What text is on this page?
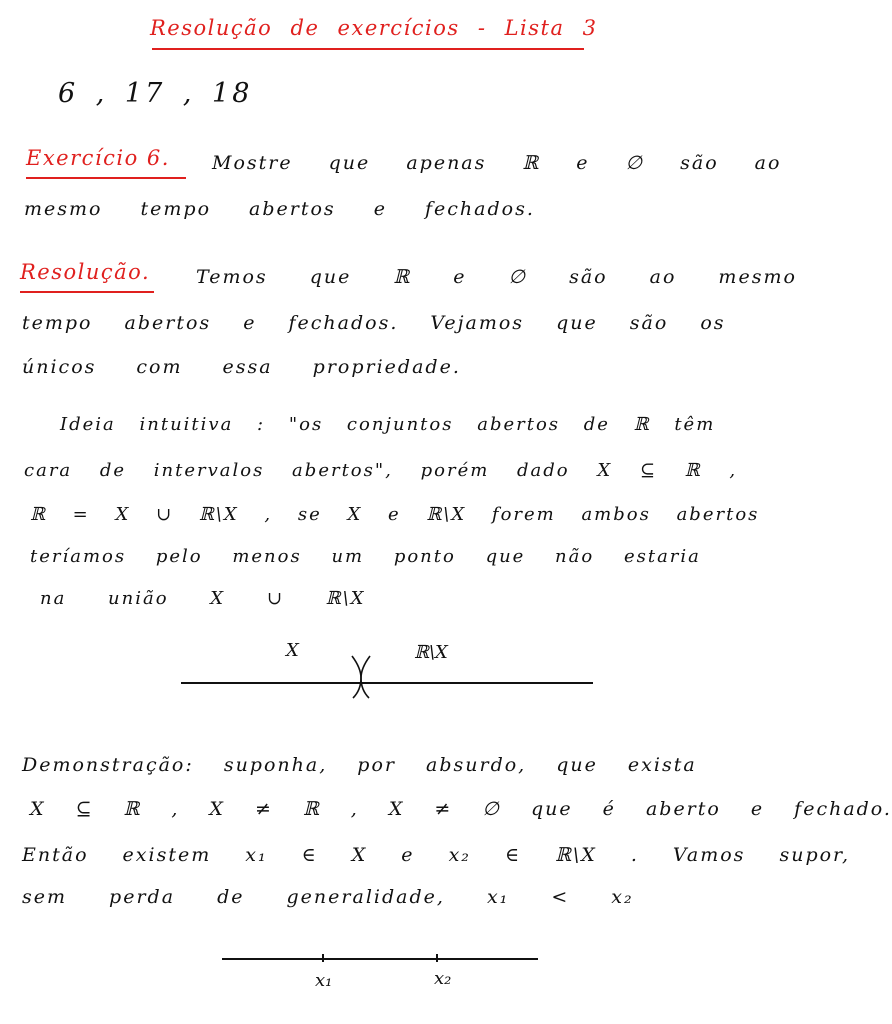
Resolução de exercícios - Lista 3
6 , 17 , 18
Exercício 6. Mostre que apenas ℝ e ∅ são ao
mesmo tempo abertos e fechados.
Resolução. Temos que ℝ e ∅ são ao mesmo
tempo abertos e fechados. Vejamos que são os
únicos com essa propriedade.
Ideia intuitiva : "os conjuntos abertos de ℝ têm
cara de intervalos abertos", porém dado X ⊆ ℝ ,
ℝ = X ∪ ℝ\X , se X e ℝ\X forem ambos abertos
teríamos pelo menos um ponto que não estaria
na união X ∪ ℝ\X
X	ℝ\X
Demonstração: suponha, por absurdo, que exista
X ⊆ ℝ , X ≠ ℝ , X ≠ ∅ que é aberto e fechado.
Então existem x₁ ∈ X e x₂ ∈ ℝ\X . Vamos supor,
sem perda de generalidade, x₁ < x₂
x₁	x₂
